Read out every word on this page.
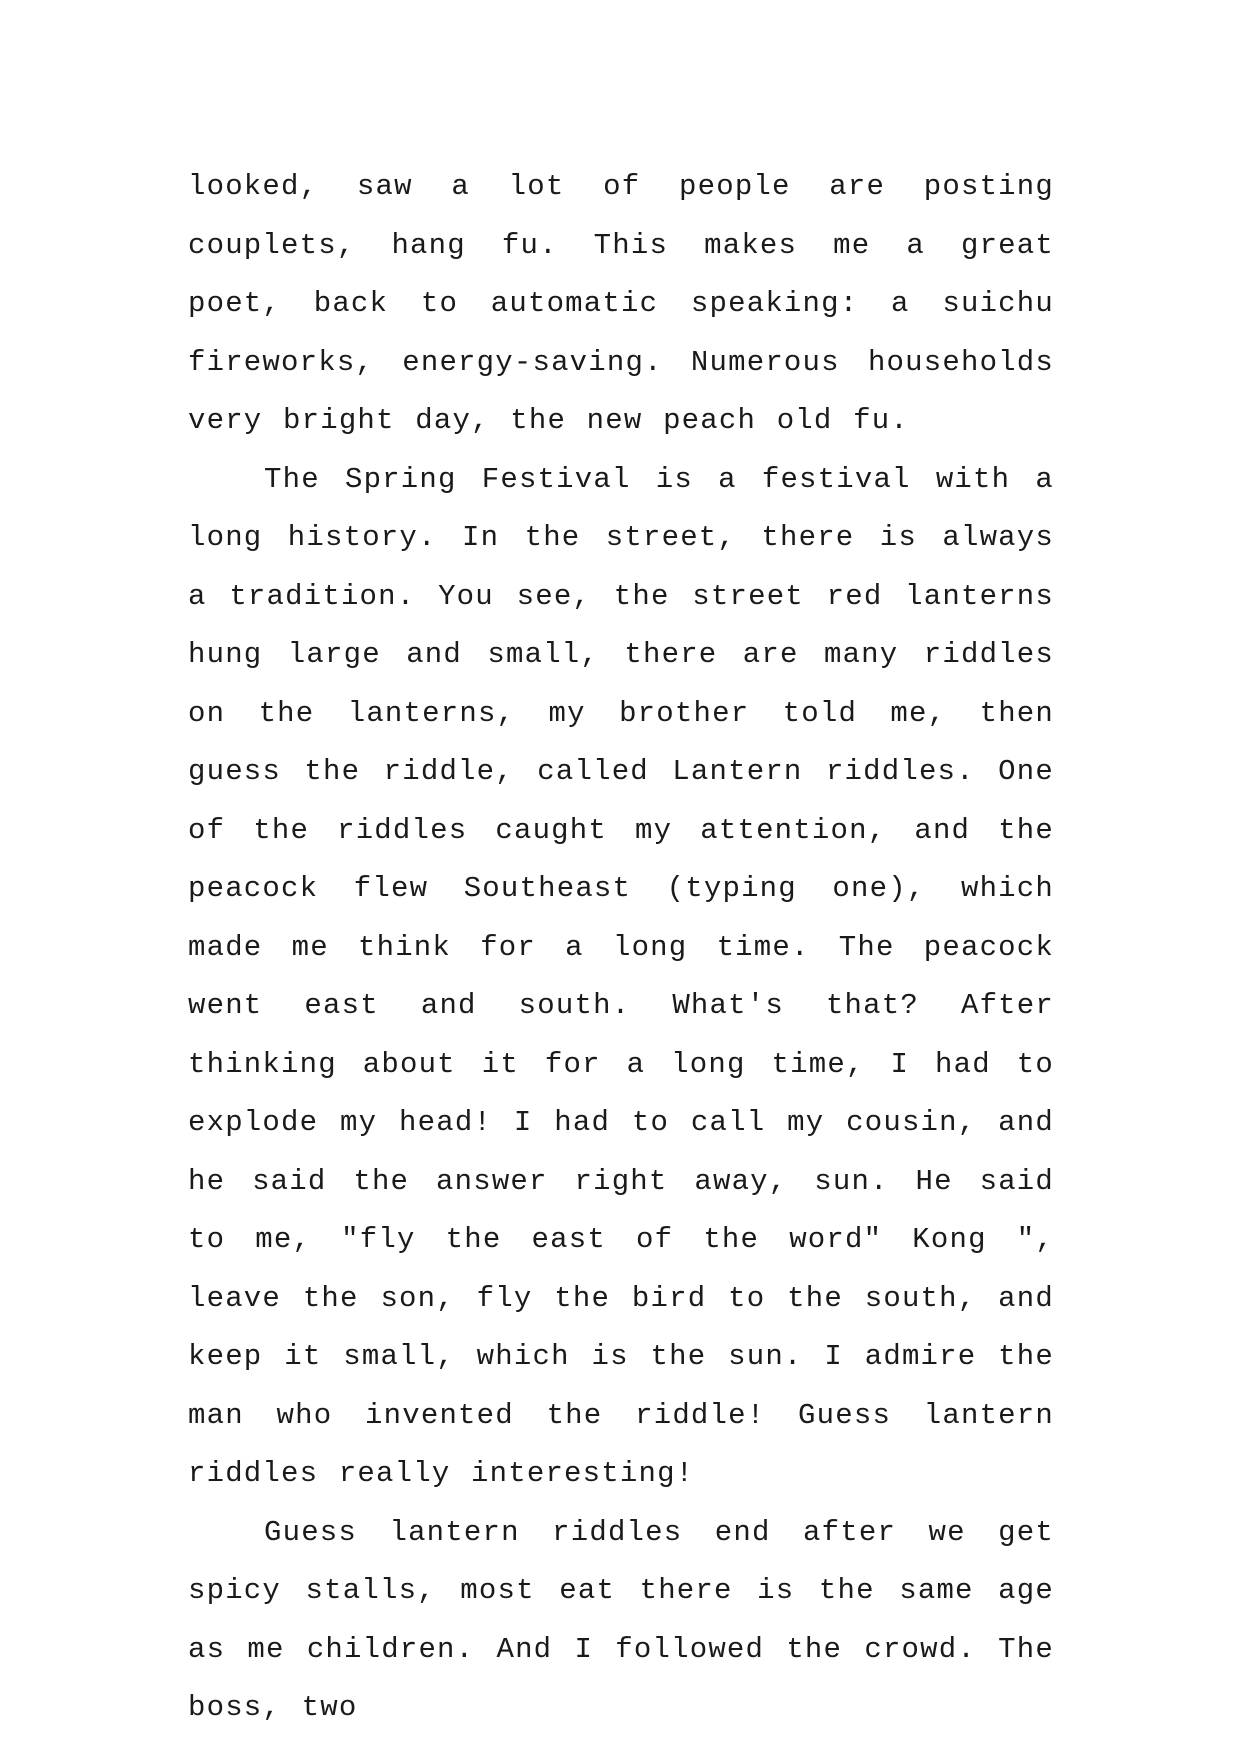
looked, saw a lot of people are posting couplets, hang fu. This makes me a great poet, back to automatic speaking: a suichu fireworks, energy-saving. Numerous households very bright day, the new peach old fu.

The Spring Festival is a festival with a long history. In the street, there is always a tradition. You see, the street red lanterns hung large and small, there are many riddles on the lanterns, my brother told me, then guess the riddle, called Lantern riddles. One of the riddles caught my attention, and the peacock flew Southeast (typing one), which made me think for a long time. The peacock went east and south. What's that? After thinking about it for a long time, I had to explode my head! I had to call my cousin, and he said the answer right away, sun. He said to me, "fly the east of the word" Kong ", leave the son, fly the bird to the south, and keep it small, which is the sun. I admire the man who invented the riddle! Guess lantern riddles really interesting!

Guess lantern riddles end after we get spicy stalls, most eat there is the same age as me children. And I followed the crowd. The boss, two
